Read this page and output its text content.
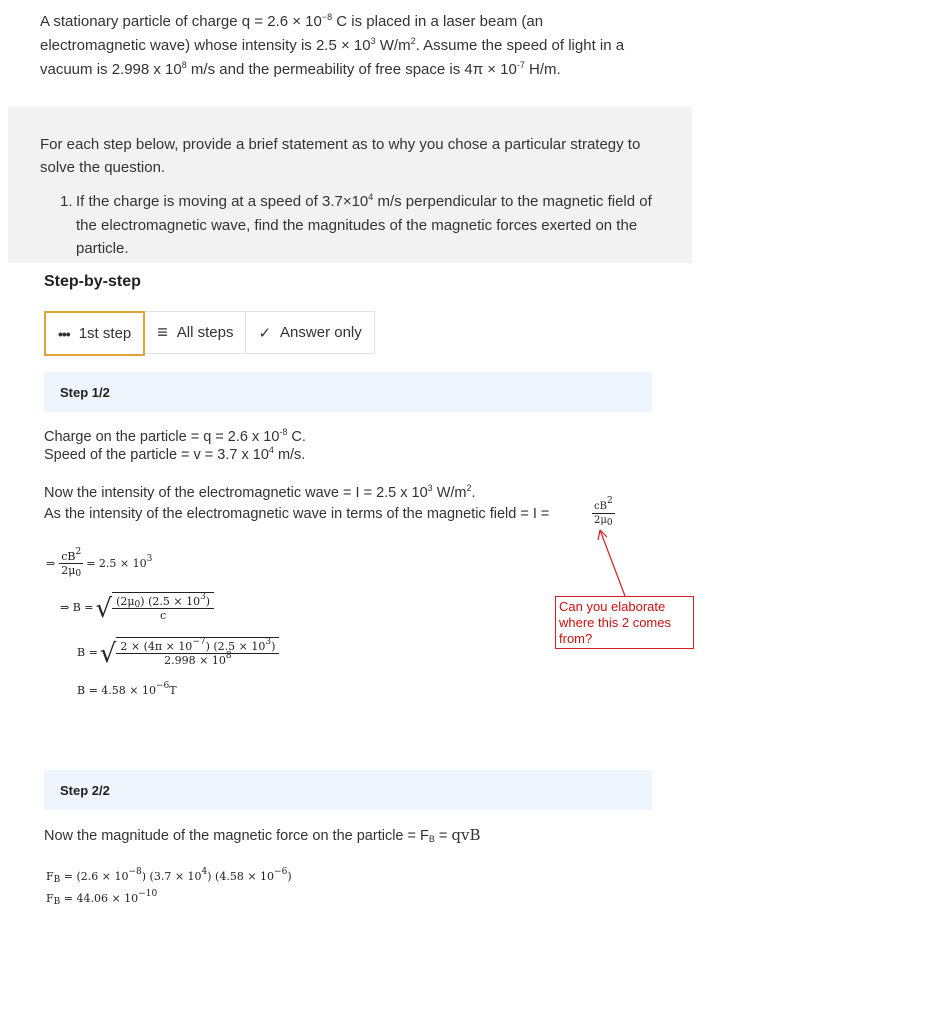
A stationary particle of charge $q = 2.6 \times 10^{-8}$ C is placed in a laser beam (an
electromagnetic wave) whose intensity is $2.5 \times 10^3$ $W/m^2$. Assume the speed of light in a
vacuum is 2.998 x $10^8$ m/s and the permeability of free space is $4\pi \times 10^{-7}$ H/m.
For each step below, provide a brief statement as to why you chose a particular strategy to solve the question.
1. If the charge is moving at a speed of $3.7\times 10^4$ m/s perpendicular to the magnetic field of the electromagnetic wave, find the magnitudes of the magnetic forces exerted on the particle.
Step-by-step
••• 1st step ≡ All steps ✓ Answer only
Step 1/2
Charge on the particle = q = 2.6 x $10^{-8}$ C.
Speed of the particle = v = 3.7 x $10^4$ m/s.
Now the intensity of the electromagnetic wave = I = 2.5 x $10^3$ $W/m^2$.
As the intensity of the electromagnetic wave in terms of the magnetic field = I =	$\frac{cB^2}{2\mu_0}$
⇒ $\frac{cB^2}{2\mu_0} = 2.5 \times 10^3$
⇒ B = √ $\frac{(2\mu_0) (2.5 \times 10^3)}{c}$
B = √ $\frac{2 \times (4\pi \times 10^{-7}) (2.5 \times 10^3)}{2.998 \times 10^8}$
$B = 4.58 \times 10^{-6}T$
Can you elaborate where this 2 comes from?
Step 2/2
Now the magnitude of the magnetic force on the particle = $F_B$ = qvB
$F_B = (2.6 \times 10^{-8}) (3.7 \times 10^4) (4.58 \times 10^{-6})$
$F_B = 44.06 \times 10^{-10}$
